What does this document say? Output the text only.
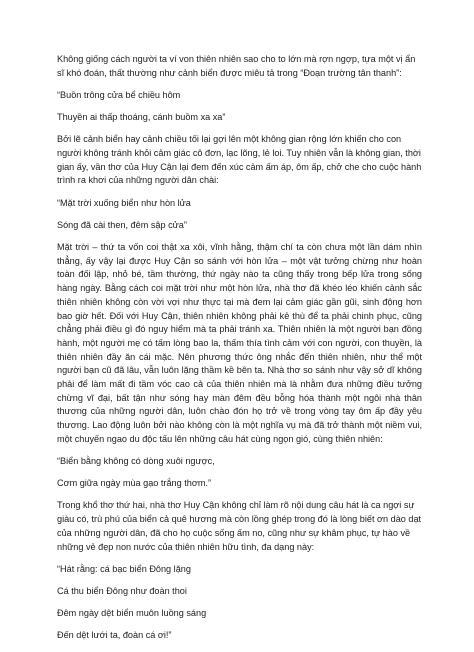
Không giống cách người ta ví von thiên nhiên sao cho to lớn mà rợn ngợp, tựa một vị ẩn sĩ khó đoán, thất thường như cảnh biển được miêu tả trong “Đoạn trường tân thanh”:

“Buồn trông cửa bể chiều hôm

Thuyền ai thấp thoáng, cánh buồm xa xa”

Bởi lẽ cảnh biển hay cảnh chiều tối lại gợi lên một không gian rộng lớn khiến cho con người không tránh khỏi cảm giác cô đơn, lạc lõng, lẻ loi. Tuy nhiên vẫn là không gian, thời gian ấy, vần thơ của Huy Cận lại đem đến xúc cảm ấm áp, ôm ấp, chở che cho cuộc hành trình ra khơi của những người dân chài:

“Mặt trời xuống biển như hòn lửa

Sóng đã cài then, đêm sập cửa”

Mặt trời – thứ ta vốn coi thật xa xôi, vĩnh hằng, thậm chí ta còn chưa một lần dám nhìn thẳng, ấy vậy lại được Huy Cận so sánh với hòn lửa – một vật tưởng chừng như hoàn toàn đối lập, nhỏ bé, tầm thường, thứ ngày nào ta cũng thấy trong bếp lửa trong sống hàng ngày. Bằng cách coi mặt trời như một hòn lửa, nhà thơ đã khéo léo khiến cảnh sắc thiên nhiên không còn vời vợi như thực tại mà đem lại cảm giác gần gũi, sinh động hơn bao giờ hết. Đối với Huy Cận, thiên nhiên không phải kẻ thù để ta phải chinh phục, cũng chẳng phải điều gì đó nguy hiểm mà ta phải tránh xa. Thiên nhiên là một người bạn đồng hành, một người mẹ có tấm lòng bao la, thấm thía tình cảm với con người, con thuyền, là thiên nhiên đầy ăn cái mặc. Nên phương thức ông nhắc đến thiên nhiên, như thể một người bạn cũ đã lâu, vẫn luôn lặng thầm kề bên ta. Nhà thơ so sánh như vậy sở dĩ không phải để làm mất đi tầm vóc cao cả của thiên nhiên mà là nhằm đưa những điều tưởng chừng vĩ đại, bất tận như sóng hay màn đêm đều bỗng hóa thành một ngôi nhà thân thương của những người dân, luôn chào đón họ trở về trong vòng tay ôm ấp đầy yêu thương. Lao động luôn bởi nào không còn là một nghĩa vụ mà đã trở thành một niềm vui, một chuyến ngao du độc tấu lên những câu hát cùng ngọn gió, cùng thiên nhiên:

“Biển bằng không có dòng xuôi ngược,

Cơm giữa ngày mùa gạo trắng thơm.”

Trong khổ thơ thứ hai, nhà thơ Huy Cận không chỉ làm rõ nội dung câu hát là ca ngợi sự giàu có, trù phú của biển cả quê hương mà còn lồng ghép trong đó là lòng biết ơn dào dạt của những người dân, đã cho họ cuộc sống ấm no, cũng như sự khâm phục, tự hào về những vẻ đẹp non nước của thiên nhiên hữu tình, đa dạng này:

“Hát rằng: cá bạc biển Đông lặng

Cá thu biển Đông như đoàn thoi

Đêm ngày dệt biển muôn luồng sáng

Đến dệt lưới ta, đoàn cá ơi!”
